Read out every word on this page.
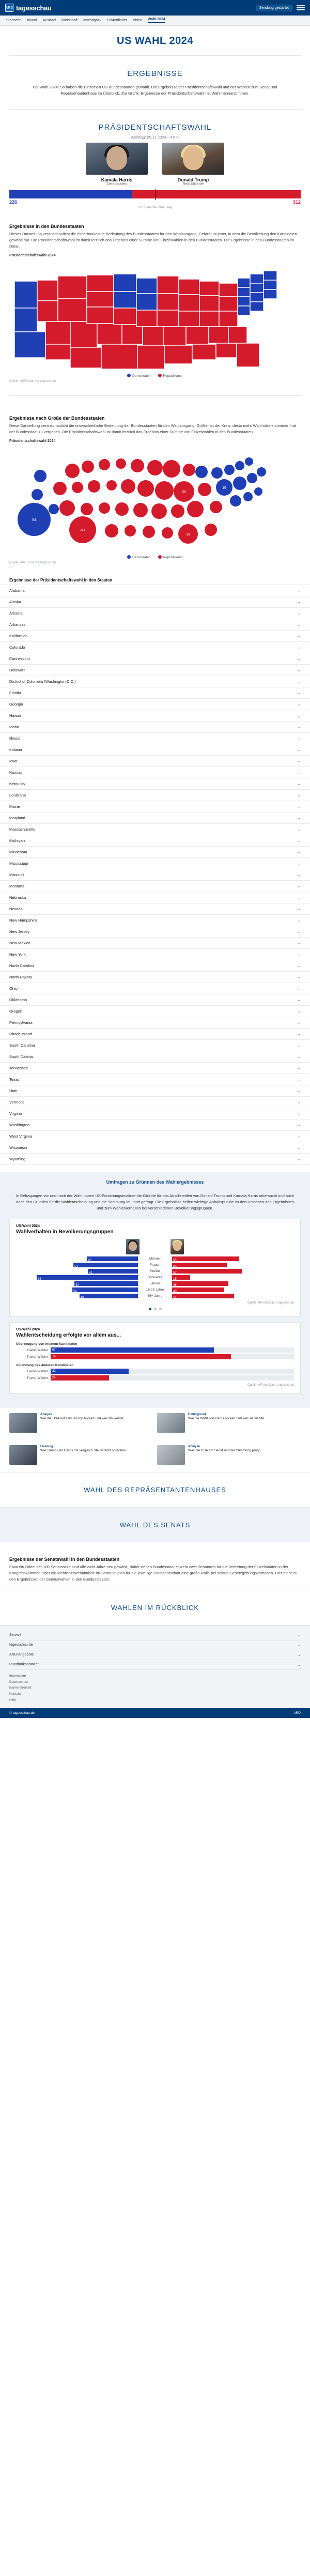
ARD tagesschau	Sendung gestartet
Startseite Inland Ausland Wirtschaft Investigativ Faktenfinder Video Wahl 2024
US WAHL 2024
ERGEBNISSE
US-Wahl 2024: So haben die Einzelnen US-Bundesstaaten gewählt. Die Ergebnisse der Präsidentschaftswahl und der Wahlen zum Senat und Repräsentantenhaus im Überblick. Zur Grafik: Ergebnisse der Präsidentschaftswahl mit Wahlmännerstimmen.
PRÄSIDENTSCHAFTSWAHL
Wahltag: 05.11.2024 – 48 %
Kamala Harris
Demokraten
Donald Trump
Republikaner
226	312
270 Stimmen zum Sieg
Ergebnisse in den Bundesstaaten
Dieses Darstellung veranschaulicht die einfarbunkelnde Bedeutung des Bundesstaaten für den Wahlausgang. Gefärbt ist jener, in dem die Bevölkerung den Kandidaten gewählt hat. Die Präsidentschaftswahl ist damit letztlich das Ergebnis einer Summe von Einzelwahlen in den Bundesstaaten. Die Ergebnisse in den Bundesstaaten im Detail.
Präsidentschaftswahl 2024
Demokraten	Republikaner
Quelle: AP/Edison via tagesschau
Ergebnisse nach Größe der Bundesstaaten
Diese Darstellung veranschaulicht die unterschiedliche Bedeutung der Bundesstaaten für den Wahlausgang. Größer ist der Kreis, desto mehr Wahlmännerstimmen hat der Bundesstaat zu vergeben. Die Präsidentschaftswahl ist damit letztlich das Ergebnis einer Summe von Einzelwahlen in den Bundesstaaten.
Präsidentschaftswahl 2024
54
40
30
19
19
Demokraten	Republikaner
Quelle: AP/Edison via tagesschau
Ergebnisse der Präsidentschaftswahl in den Staaten
Alabama	⌄
Alaska	⌄
Arizona	⌄
Arkansas	⌄
Kalifornien	⌄
Colorado	⌄
Connecticut	⌄
Delaware	⌄
District of Columbia (Washington D.C.)	⌄
Florida	⌄
Georgia	⌄
Hawaii	⌄
Idaho	⌄
Illinois	⌄
Indiana	⌄
Iowa	⌄
Kansas	⌄
Kentucky	⌄
Louisiana	⌄
Maine	⌄
Maryland	⌄
Massachusetts	⌄
Michigan	⌄
Minnesota	⌄
Mississippi	⌄
Missouri	⌄
Montana	⌄
Nebraska	⌄
Nevada	⌄
New Hampshire	⌄
New Jersey	⌄
New Mexico	⌄
New York	⌄
North Carolina	⌄
North Dakota	⌄
Ohio	⌄
Oklahoma	⌄
Oregon	⌄
Pennsylvania	⌄
Rhode Island	⌄
South Carolina	⌄
South Dakota	⌄
Tennessee	⌄
Texas	⌄
Utah	⌄
Vermont	⌄
Virginia	⌄
Washington	⌄
West Virginia	⌄
Wisconsin	⌄
Wyoming	⌄
Umfragen zu Gründen des Wahlergebnisses
In Befragungen vor und nach der Wahl haben US-Forschungsinstitute die Gründe für das Abschneiden von Donald Trump und Kamala Harris untersucht und auch nach den Gründen für die Wahlentscheidung und die Stimmung im Land gefragt. Die Ergebnisse helfen wichtige Anhaltspunkte zu den Ursachen des Ergebnisses und zum Wählerverhalten bei verschiedenen Bevölkerungsgruppen.
US-Wahl 2024
Wahlverhalten in Bevölkerungsgruppen
42	Männer	55
53	Frauen	45
41	Weiße	57
83	Schwarze	15
52	Latinos	46
54	18-29 Jahre	43
48	65+ Jahre	51
Quelle: AP VoteCast / tagesschau
US-Wahl 2024
Wahlentscheidung erfolgte vor allem aus...
Überzeugung von meinem Kandidaten
Harris-Wähler 67
Trump-Wähler 74
Ablehnung des anderen Kandidaten
Harris-Wähler 32
Trump-Wähler 24
Quelle: AP VoteCast / tagesschau
Analyse
Wie die USA auf Kurs Trump blicken und wer ihn wählte
Hintergrund
Wie die Wahl von Harris blicken und wer sie wählte
Liveblog
Wie Trump und Harris mit vergleich Steuerrecht sprechen
Analyse
Was die USA am Senat und die Stimmung prägt
WAHL DES REPRÄSENTANTENHAUSES
WAHL DES SENATS
Ergebnisse der Senatswahl in den Bundesstaaten
Etwa ein Drittel der 100 Senatssitze sind alle zwei Jahre neu gewählt, dabei stehen Bundesstaat einzeln zwei Senatoren für die Vertretung der Einzelstaaten in der Kongresskammer. Über die Mehrheitsverhältnisse im Senat spielen für die jeweilige Präsidentschaft eine große Rolle bei seinen Gesetzgebungsvorhaben. Hier mehr zu den Ergebnissen der Senatswahlen in den Bundesstaaten.
WAHLEN IM RÜCKBLICK
Service	⌄
tagesschau.de	⌄
ARD-Angebote	⌄
Rundfunkanstalten	⌄
Impressum
Datenschutz
Barrierefreiheit
Kontakt
Hilfe
© tagesschau.de	ARD
